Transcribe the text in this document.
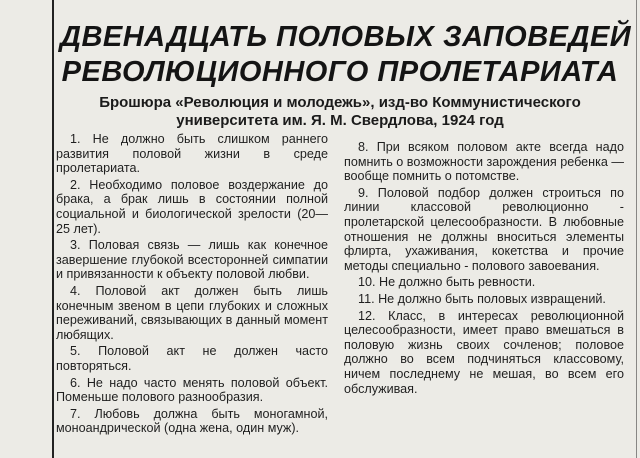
ДВЕНАДЦАТЬ ПОЛОВЫХ ЗАПОВЕДЕЙ
РЕВОЛЮЦИОННОГО ПРОЛЕТАРИАТА
Брошюра «Революция и молодежь», изд-во Коммунистического
университета им. Я. М. Свердлова, 1924 год

1. Не должно быть слишком раннего развития половой жизни в среде пролетариата.

2. Необходимо половое воздержание до брака, а брак лишь в состоянии полной социальной и биологической зрелости (20—25 лет).

3. Половая связь — лишь как конечное завершение глубокой всесторонней симпатии и привязанности к объекту половой любви.

4. Половой акт должен быть лишь конечным звеном в цепи глубоких и сложных переживаний, связывающих в данный момент любящих.

5. Половой акт не должен часто повторяться.

6. Не надо часто менять половой объект. Поменьше полового разнообразия.

7. Любовь должна быть моногамной, моноандрической (одна жена, один муж).

8. При всяком половом акте всегда надо помнить о возможности зарождения ребенка — вообще помнить о потомстве.

9. Половой подбор должен строиться по линии классовой революционно - пролетарской целесообразности. В любовные отношения не должны вноситься элементы флирта, ухаживания, кокетства и прочие методы специально - полового завоевания.

10. Не должно быть ревности.

11. Не должно быть половых извращений.

12. Класс, в интересах революционной целесообразности, имеет право вмешаться в половую жизнь своих сочленов; половое должно во всем подчиняться классовому, ничем последнему не мешая, во всем его обслуживая.
